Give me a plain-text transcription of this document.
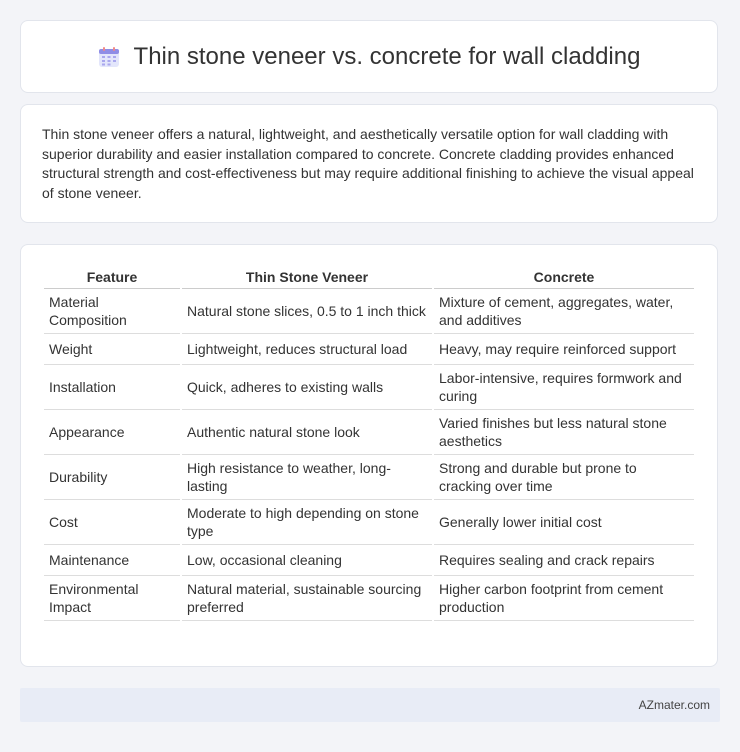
Thin stone veneer vs. concrete for wall cladding

Thin stone veneer offers a natural, lightweight, and aesthetically versatile option for wall cladding with superior durability and easier installation compared to concrete. Concrete cladding provides enhanced structural strength and cost-effectiveness but may require additional finishing to achieve the visual appeal of stone veneer.

Feature	Thin Stone Veneer	Concrete
Material Composition	Natural stone slices, 0.5 to 1 inch thick	Mixture of cement, aggregates, water, and additives
Weight	Lightweight, reduces structural load	Heavy, may require reinforced support
Installation	Quick, adheres to existing walls	Labor-intensive, requires formwork and curing
Appearance	Authentic natural stone look	Varied finishes but less natural stone aesthetics
Durability	High resistance to weather, long-lasting	Strong and durable but prone to cracking over time
Cost	Moderate to high depending on stone type	Generally lower initial cost
Maintenance	Low, occasional cleaning	Requires sealing and crack repairs
Environmental Impact	Natural material, sustainable sourcing preferred	Higher carbon footprint from cement production
AZmater.com
